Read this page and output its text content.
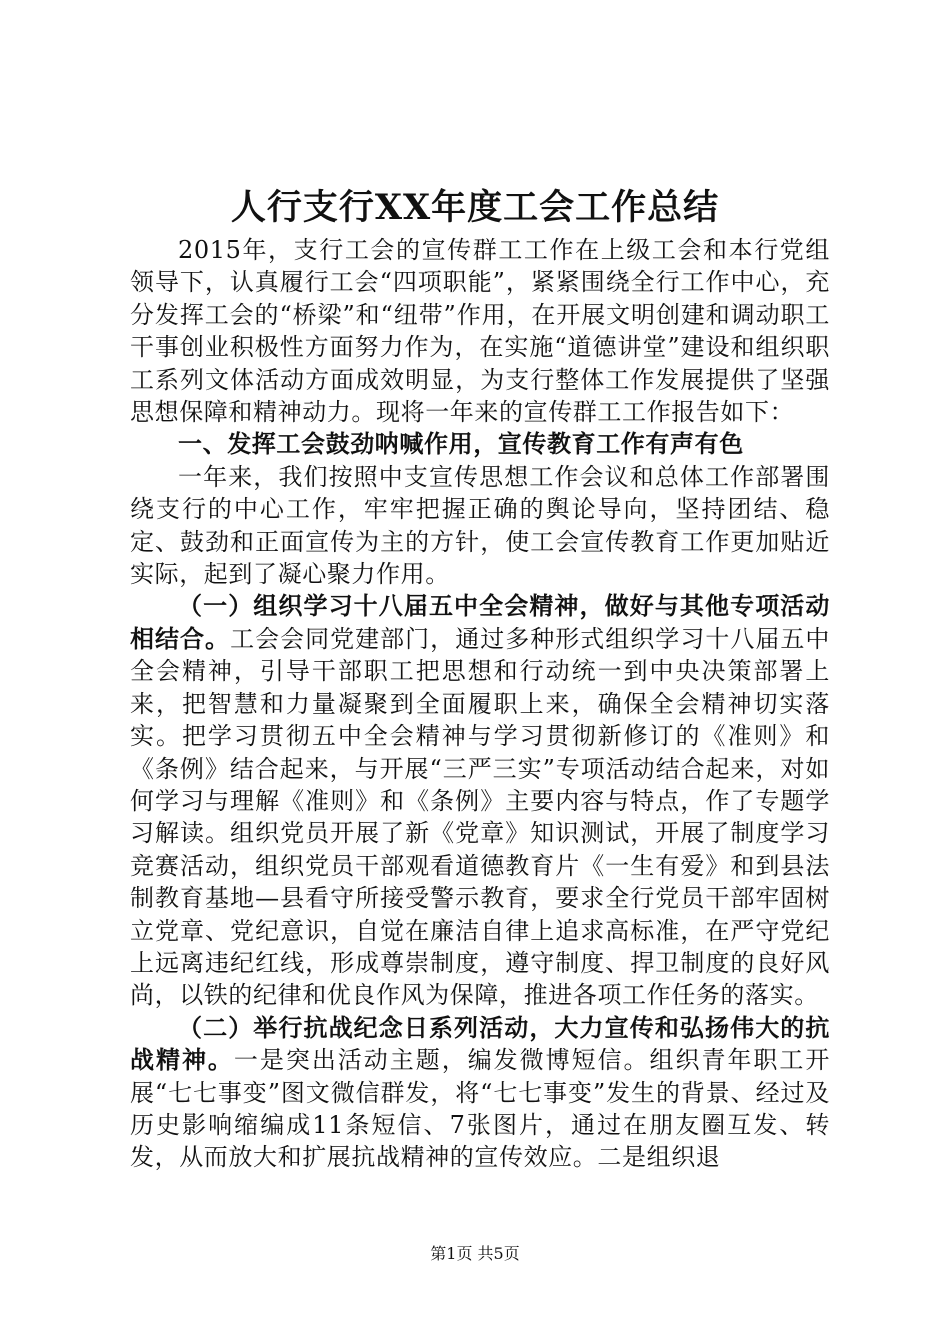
人行支行XX年度工会工作总结

2015年，支行工会的宣传群工工作在上级工会和本行党组领导下，认真履行工会“四项职能”，紧紧围绕全行工作中心，充分发挥工会的“桥梁”和“纽带”作用，在开展文明创建和调动职工干事创业积极性方面努力作为，在实施“道德讲堂”建设和组织职工系列文体活动方面成效明显，为支行整体工作发展提供了坚强思想保障和精神动力。现将一年来的宣传群工工作报告如下：

一、发挥工会鼓劲呐喊作用，宣传教育工作有声有色

一年来，我们按照中支宣传思想工作会议和总体工作部署围绕支行的中心工作，牢牢把握正确的舆论导向，坚持团结、稳定、鼓劲和正面宣传为主的方针，使工会宣传教育工作更加贴近实际，起到了凝心聚力作用。

（一）组织学习十八届五中全会精神，做好与其他专项活动相结合。工会会同党建部门，通过多种形式组织学习十八届五中全会精神，引导干部职工把思想和行动统一到中央决策部署上来，把智慧和力量凝聚到全面履职上来，确保全会精神切实落实。把学习贯彻五中全会精神与学习贯彻新修订的《准则》和《条例》结合起来，与开展“三严三实”专项活动结合起来，对如何学习与理解《准则》和《条例》主要内容与特点，作了专题学习解读。组织党员开展了新《党章》知识测试，开展了制度学习竞赛活动，组织党员干部观看道德教育片《一生有爱》和到县法制教育基地—县看守所接受警示教育，要求全行党员干部牢固树立党章、党纪意识，自觉在廉洁自律上追求高标准，在严守党纪上远离违纪红线，形成尊崇制度，遵守制度、捍卫制度的良好风尚，以铁的纪律和优良作风为保障，推进各项工作任务的落实。

（二）举行抗战纪念日系列活动，大力宣传和弘扬伟大的抗战精神。一是突出活动主题，编发微博短信。组织青年职工开展“七七事变”图文微信群发，将“七七事变”发生的背景、经过及历史影响缩编成11条短信、7张图片，通过在朋友圈互发、转发，从而放大和扩展抗战精神的宣传效应。二是组织退

第1页 共5页
